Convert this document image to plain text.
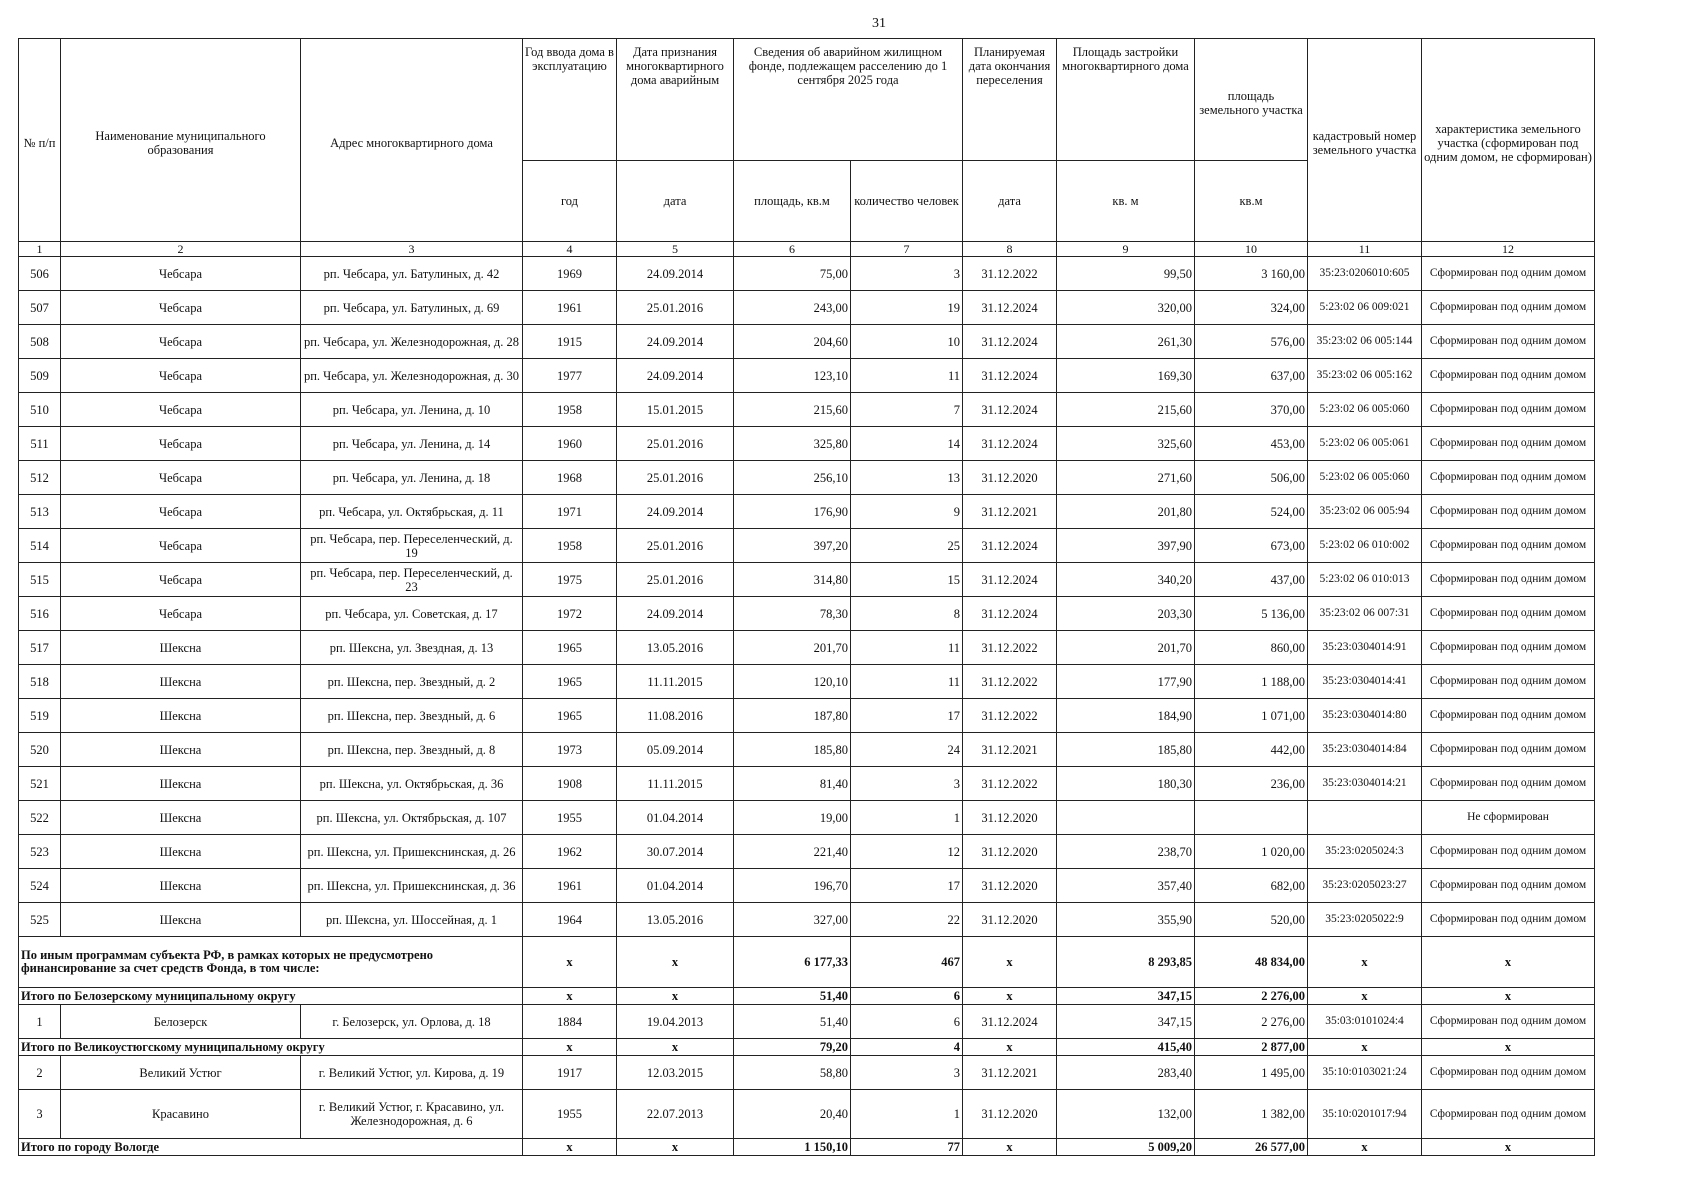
31
№ п/п	Наименование муниципального образования	Адрес многоквартирного дома	Год ввода дома в эксплуатацию	Дата признания многоквартирного дома аварийным	Сведения об аварийном жилищном фонде, подлежащем расселению до 1 сентября 2025 года		Планируемая дата окончания переселения	Площадь застройки многоквартирного дома	площадь земельного участка	кадастровый номер земельного участка	характеристика земельного участка (сформирован под одним домом, не сформирован)
			год	дата	площадь, кв.м	количество человек	дата	кв. м	кв.м		
1	2	3	4	5	6	7	8	9	10	11	12
506	Чебсара	рп. Чебсара, ул. Батулиных, д. 42	1969	24.09.2014	75,00	3	31.12.2022	99,50	3 160,00	35:23:0206010:605	Сформирован под одним домом
507	Чебсара	рп. Чебсара, ул. Батулиных, д. 69	1961	25.01.2016	243,00	19	31.12.2024	320,00	324,00	5:23:02 06 009:021	Сформирован под одним домом
508	Чебсара	рп. Чебсара, ул. Железнодорожная, д. 28	1915	24.09.2014	204,60	10	31.12.2024	261,30	576,00	35:23:02 06 005:144	Сформирован под одним домом
509	Чебсара	рп. Чебсара, ул. Железнодорожная, д. 30	1977	24.09.2014	123,10	11	31.12.2024	169,30	637,00	35:23:02 06 005:162	Сформирован под одним домом
510	Чебсара	рп. Чебсара, ул. Ленина, д. 10	1958	15.01.2015	215,60	7	31.12.2024	215,60	370,00	5:23:02 06 005:060	Сформирован под одним домом
511	Чебсара	рп. Чебсара, ул. Ленина, д. 14	1960	25.01.2016	325,80	14	31.12.2024	325,60	453,00	5:23:02 06 005:061	Сформирован под одним домом
512	Чебсара	рп. Чебсара, ул. Ленина, д. 18	1968	25.01.2016	256,10	13	31.12.2020	271,60	506,00	5:23:02 06 005:060	Сформирован под одним домом
513	Чебсара	рп. Чебсара, ул. Октябрьская, д. 11	1971	24.09.2014	176,90	9	31.12.2021	201,80	524,00	35:23:02 06 005:94	Сформирован под одним домом
514	Чебсара	рп. Чебсара, пер. Переселенческий, д. 19	1958	25.01.2016	397,20	25	31.12.2024	397,90	673,00	5:23:02 06 010:002	Сформирован под одним домом
515	Чебсара	рп. Чебсара, пер. Переселенческий, д. 23	1975	25.01.2016	314,80	15	31.12.2024	340,20	437,00	5:23:02 06 010:013	Сформирован под одним домом
516	Чебсара	рп. Чебсара, ул. Советская, д. 17	1972	24.09.2014	78,30	8	31.12.2024	203,30	5 136,00	35:23:02 06 007:31	Сформирован под одним домом
517	Шексна	рп. Шексна, ул. Звездная, д. 13	1965	13.05.2016	201,70	11	31.12.2022	201,70	860,00	35:23:0304014:91	Сформирован под одним домом
518	Шексна	рп. Шексна, пер. Звездный, д. 2	1965	11.11.2015	120,10	11	31.12.2022	177,90	1 188,00	35:23:0304014:41	Сформирован под одним домом
519	Шексна	рп. Шексна, пер. Звездный, д. 6	1965	11.08.2016	187,80	17	31.12.2022	184,90	1 071,00	35:23:0304014:80	Сформирован под одним домом
520	Шексна	рп. Шексна, пер. Звездный, д. 8	1973	05.09.2014	185,80	24	31.12.2021	185,80	442,00	35:23:0304014:84	Сформирован под одним домом
521	Шексна	рп. Шексна, ул. Октябрьская, д. 36	1908	11.11.2015	81,40	3	31.12.2022	180,30	236,00	35:23:0304014:21	Сформирован под одним домом
522	Шексна	рп. Шексна, ул. Октябрьская, д. 107	1955	01.04.2014	19,00	1	31.12.2020				Не сформирован
523	Шексна	рп. Шексна, ул. Пришекснинская, д. 26	1962	30.07.2014	221,40	12	31.12.2020	238,70	1 020,00	35:23:0205024:3	Сформирован под одним домом
524	Шексна	рп. Шексна, ул. Пришекснинская, д. 36	1961	01.04.2014	196,70	17	31.12.2020	357,40	682,00	35:23:0205023:27	Сформирован под одним домом
525	Шексна	рп. Шексна, ул. Шоссейная, д. 1	1964	13.05.2016	327,00	22	31.12.2020	355,90	520,00	35:23:0205022:9	Сформирован под одним домом
По иным программам субъекта РФ, в рамках которых не предусмотрено финансирование за счет средств Фонда, в том числе:			х	х	6 177,33	467	х	8 293,85	48 834,00	х	х
Итого по Белозерскому муниципальному округу			х	х	51,40	6	х	347,15	2 276,00	х	х
1	Белозерск	г. Белозерск, ул. Орлова, д. 18	1884	19.04.2013	51,40	6	31.12.2024	347,15	2 276,00	35:03:0101024:4	Сформирован под одним домом
Итого по Великоустюгскому муниципальному округу			х	х	79,20	4	х	415,40	2 877,00	х	х
2	Великий Устюг	г. Великий Устюг, ул. Кирова, д. 19	1917	12.03.2015	58,80	3	31.12.2021	283,40	1 495,00	35:10:0103021:24	Сформирован под одним домом
3	Красавино	г. Великий Устюг, г. Красавино, ул. Железнодорожная, д. 6	1955	22.07.2013	20,40	1	31.12.2020	132,00	1 382,00	35:10:0201017:94	Сформирован под одним домом
Итого по городу Вологде			х	х	1 150,10	77	х	5 009,20	26 577,00	х	х
